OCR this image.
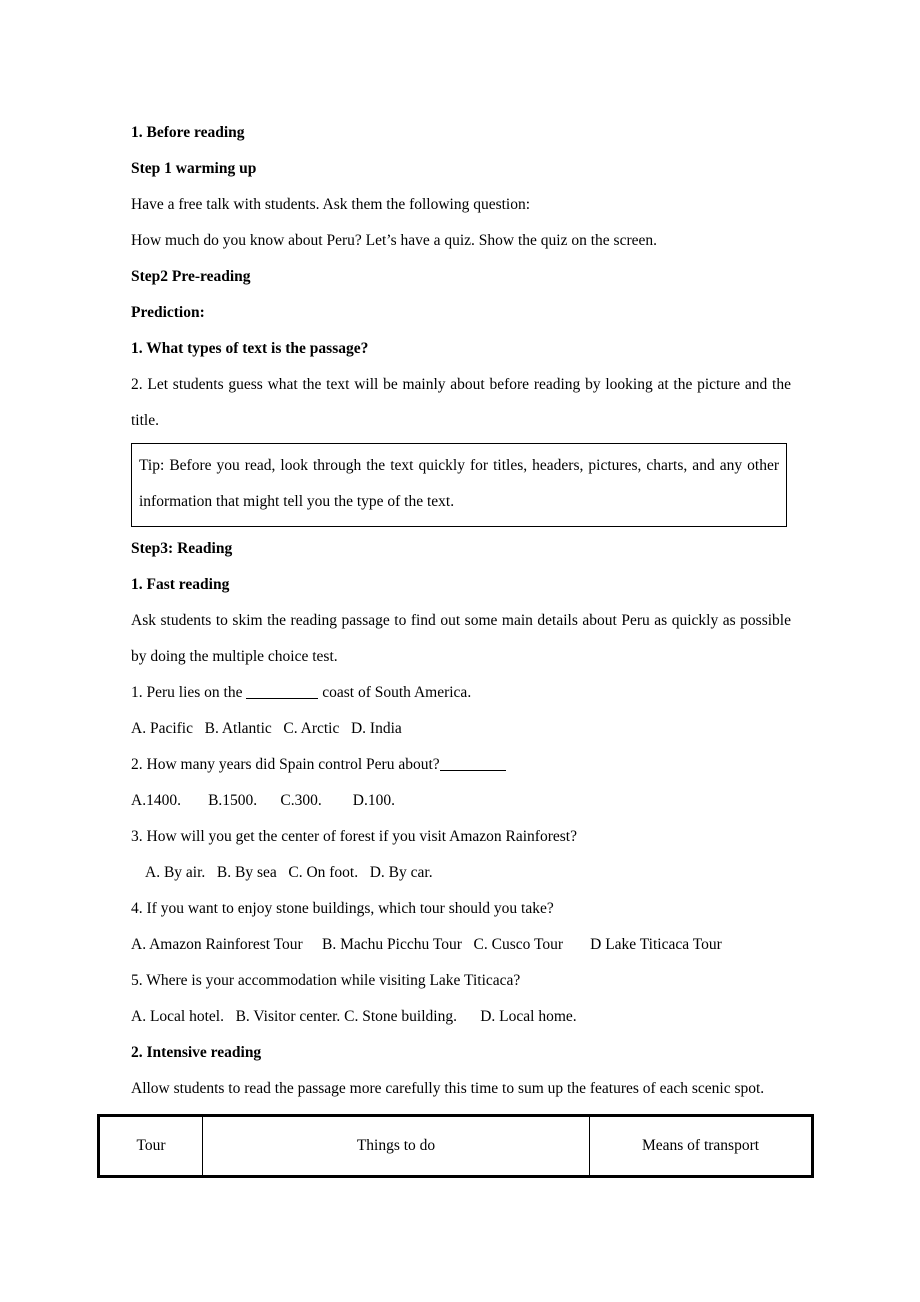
1. Before reading

Step 1 warming up

Have a free talk with students. Ask them the following question:

How much do you know about Peru? Let’s have a quiz. Show the quiz on the screen.

Step2 Pre-reading

Prediction:

1. What types of text is the passage?

2. Let students guess what the text will be mainly about before reading by looking at the picture and the title.

Tip: Before you read, look through the text quickly for titles, headers, pictures, charts, and any other information that might tell you the type of the text.

Step3: Reading

1. Fast reading

Ask students to skim the reading passage to find out some main details about Peru as quickly as possible by doing the multiple choice test.

1. Peru lies on the	coast of South America.

A. Pacific   B. Atlantic   C. Arctic   D. India

2. How many years did Spain control Peru about?

A.1400.       B.1500.      C.300.        D.100.

3. How will you get the center of forest if you visit Amazon Rainforest?

A. By air.   B. By sea   C. On foot.   D. By car.

4. If you want to enjoy stone buildings, which tour should you take?

A. Amazon Rainforest Tour     B. Machu Picchu Tour   C. Cusco Tour       D Lake Titicaca Tour

5. Where is your accommodation while visiting Lake Titicaca?

A. Local hotel.   B. Visitor center. C. Stone building.      D. Local home.

2. Intensive reading

Allow students to read the passage more carefully this time to sum up the features of each scenic spot.

Tour	Things to do	Means of transport
